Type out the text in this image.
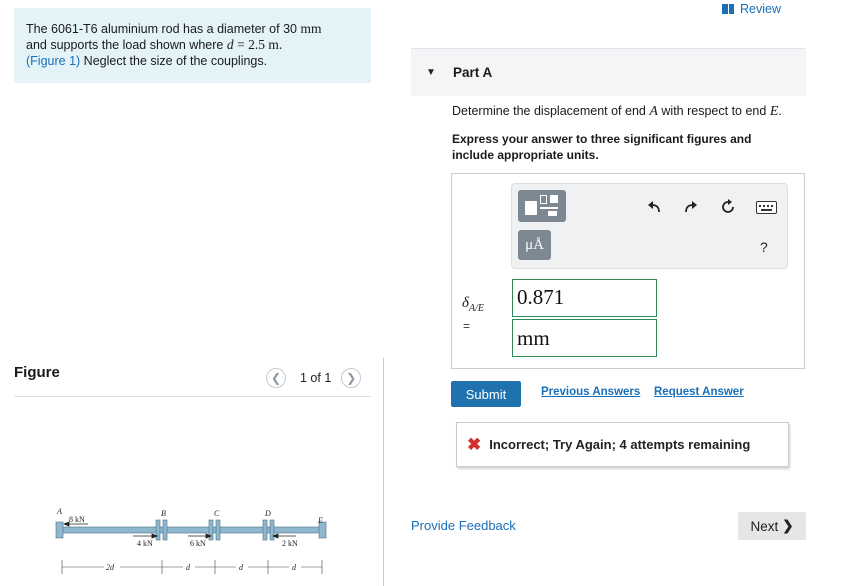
The 6061-T6 aluminium rod has a diameter of 30 mm
and supports the load shown where d = 2.5 m.
(Figure 1) Neglect the size of the couplings.
Figure	❮	1 of 1	❯
A	B	C	D
E
8 kN
4 kN	6 kN	2 kN
2d	d	d	d
Review
▼ Part A
Determine the displacement of end A with respect to end E.
Express your answer to three significant figures and include appropriate units.
μÅ	?
$\delta_{A/E}$
=
0.871
mm
Submit	Previous Answers Request Answer
✖ Incorrect; Try Again; 4 attempts remaining
Provide Feedback	Next ❯
